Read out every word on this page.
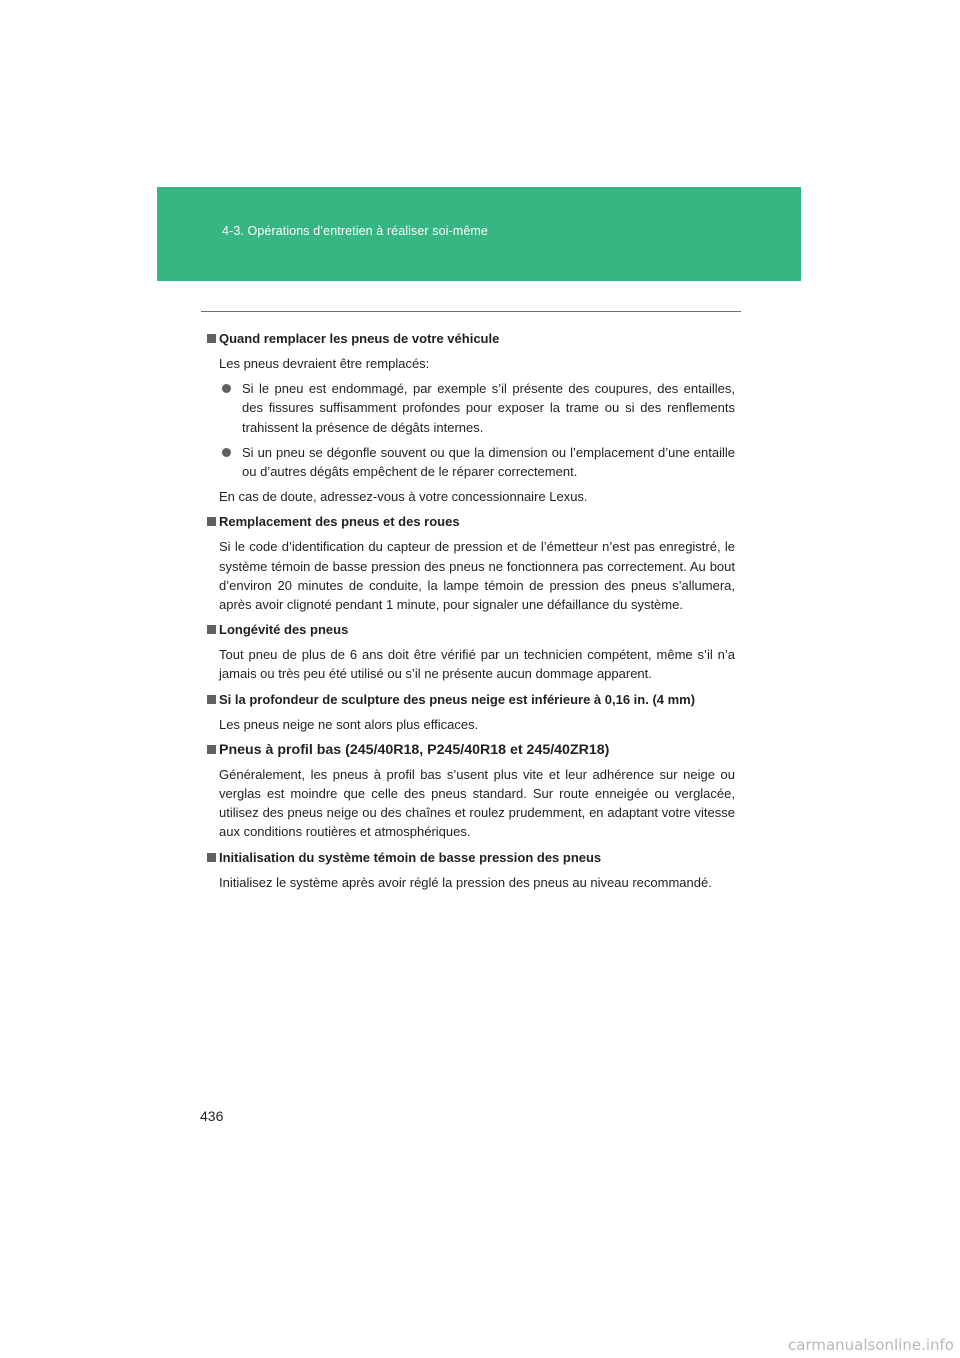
4-3. Opérations d’entretien à réaliser soi-même
Quand remplacer les pneus de votre véhicule
Les pneus devraient être remplacés:
Si le pneu est endommagé, par exemple s’il présente des coupures, des entailles, des fissures suffisamment profondes pour exposer la trame ou si des renflements trahissent la présence de dégâts internes.
Si un pneu se dégonfle souvent ou que la dimension ou l’emplacement d’une entaille ou d’autres dégâts empêchent de le réparer correctement.
En cas de doute, adressez-vous à votre concessionnaire Lexus.
Remplacement des pneus et des roues
Si le code d’identification du capteur de pression et de l’émetteur n’est pas enregistré, le système témoin de basse pression des pneus ne fonctionnera pas correctement. Au bout d’environ 20 minutes de conduite, la lampe témoin de pression des pneus s’allumera, après avoir clignoté pendant 1 minute, pour signaler une défaillance du système.
Longévité des pneus
Tout pneu de plus de 6 ans doit être vérifié par un technicien compétent, même s’il n’a jamais ou très peu été utilisé ou s’il ne présente aucun dommage apparent.
Si la profondeur de sculpture des pneus neige est inférieure à 0,16 in. (4 mm)
Les pneus neige ne sont alors plus efficaces.
Pneus à profil bas (245/40R18, P245/40R18 et 245/40ZR18)
Généralement, les pneus à profil bas s’usent plus vite et leur adhérence sur neige ou verglas est moindre que celle des pneus standard. Sur route enneigée ou verglacée, utilisez des pneus neige ou des chaînes et roulez prudemment, en adaptant votre vitesse aux conditions routières et atmosphériques.
Initialisation du système témoin de basse pression des pneus
Initialisez le système après avoir réglé la pression des pneus au niveau recommandé.
436
carmanualsonline.info
